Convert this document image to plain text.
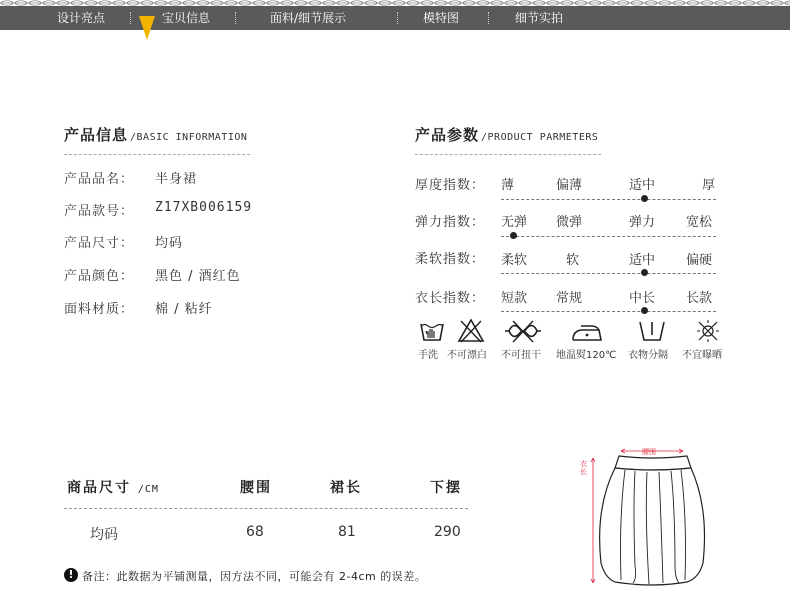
设计亮点	宝贝信息	面料/细节展示	模特图	细节实拍
产品信息 /BASIC INFORMATION
产品品名： 半身裙
产品款号： Z17XB006159
产品尺寸： 均码
产品颜色： 黑色 / 酒红色
面料材质： 棉 / 粘纤
产品参数 /PRODUCT PARMETERS
厚度指数： 薄	偏薄	适中	厚
弹力指数： 无弹 微弹	弹力 宽松
柔软指数： 柔软	软	适中 偏硬
衣长指数： 短款 常规	中长 长款
手洗 不可漂白 不可扭干 地温熨120℃ 衣物分隔 不宜曝晒
商品尺寸 /CM	腰围	裙长	下摆
均码	68	81	290
! 备注：此数据为平铺测量，因方法不同，可能会有 2-4cm 的误差。
腰围
衣长
